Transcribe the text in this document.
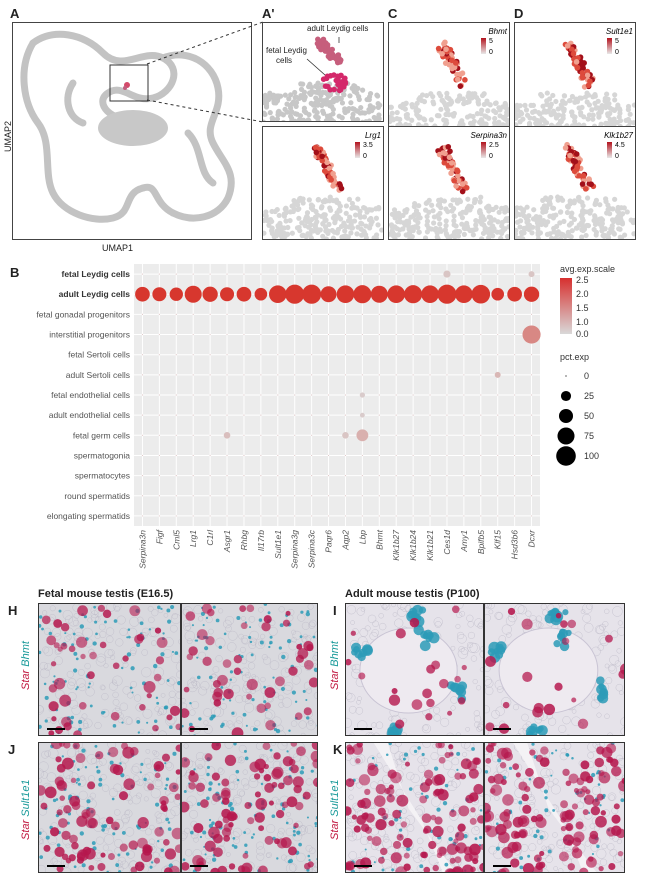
A
UMAP1
UMAP2
A'
adult Leydig cells
fetal Leydig
cells
C
Bhmt
5
0
D
Sult1e1
5
0
Lrg1
3.5
0
Serpina3n
2.5
0
Klk1b27
4.5
0
B
Serpina3n Figf Cml5 Lrg1 C1rl Asgr1 Rhbg Il17rb Sult1e1 Serpina3g Serpina3c Paqr6 Aqp2 Lbp Bhmt Klk1b27 Klk1b24 Klk1b21 Ces1d Amy1 Bpifb5 Klf15 Hsd3b6 Dcxr
fetal Leydig cells
adult Leydig cells
fetal gonadal progenitors
interstitial progenitors
fetal Sertoli cells
adult Sertoli cells
fetal endothelial cells
adult endothelial cells
fetal germ cells
spermatogonia
spermatocytes
round spermatids
elongating spermatids
avg.exp.scale
2.5
2.0
1.5
1.0
0.0
pct.exp
0
25
50
75
100
Fetal mouse testis (E16.5)	Adult mouse testis (P100)
H	I
J	K
Star Bhmt
Star Sult1e1
Star Bhmt
Star Sult1e1
